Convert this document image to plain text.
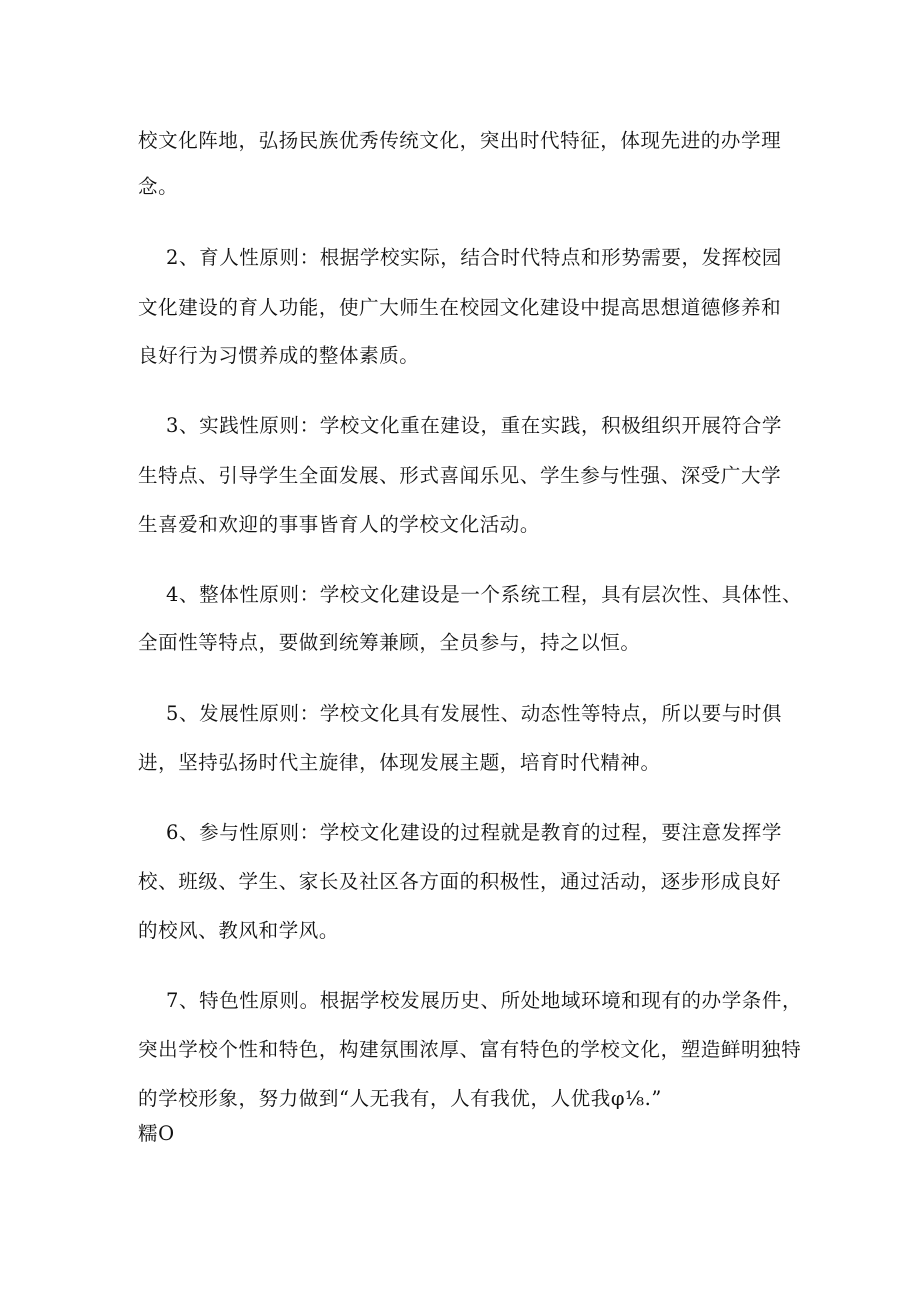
校文化阵地，弘扬民族优秀传统文化，突出时代特征，体现先进的办学理
念。
2、育人性原则：根据学校实际，结合时代特点和形势需要，发挥校园
文化建设的育人功能，使广大师生在校园文化建设中提高思想道德修养和
良好行为习惯养成的整体素质。
3、实践性原则：学校文化重在建设，重在实践，积极组织开展符合学
生特点、引导学生全面发展、形式喜闻乐见、学生参与性强、深受广大学
生喜爱和欢迎的事事皆育人的学校文化活动。
4、整体性原则：学校文化建设是一个系统工程，具有层次性、具体性、
全面性等特点，要做到统筹兼顾，全员参与，持之以恒。
5、发展性原则：学校文化具有发展性、动态性等特点，所以要与时俱
进，坚持弘扬时代主旋律，体现发展主题，培育时代精神。
6、参与性原则：学校文化建设的过程就是教育的过程，要注意发挥学
校、班级、学生、家长及社区各方面的积极性，通过活动，逐步形成良好
的校风、教风和学风。
7、特色性原则。根据学校发展历史、所处地域环境和现有的办学条件，
突出学校个性和特色，构建氛围浓厚、富有特色的学校文化，塑造鲜明独特
的学校形象，努力做到“人无我有，人有我优，人优我φ⅛.”
糯O
